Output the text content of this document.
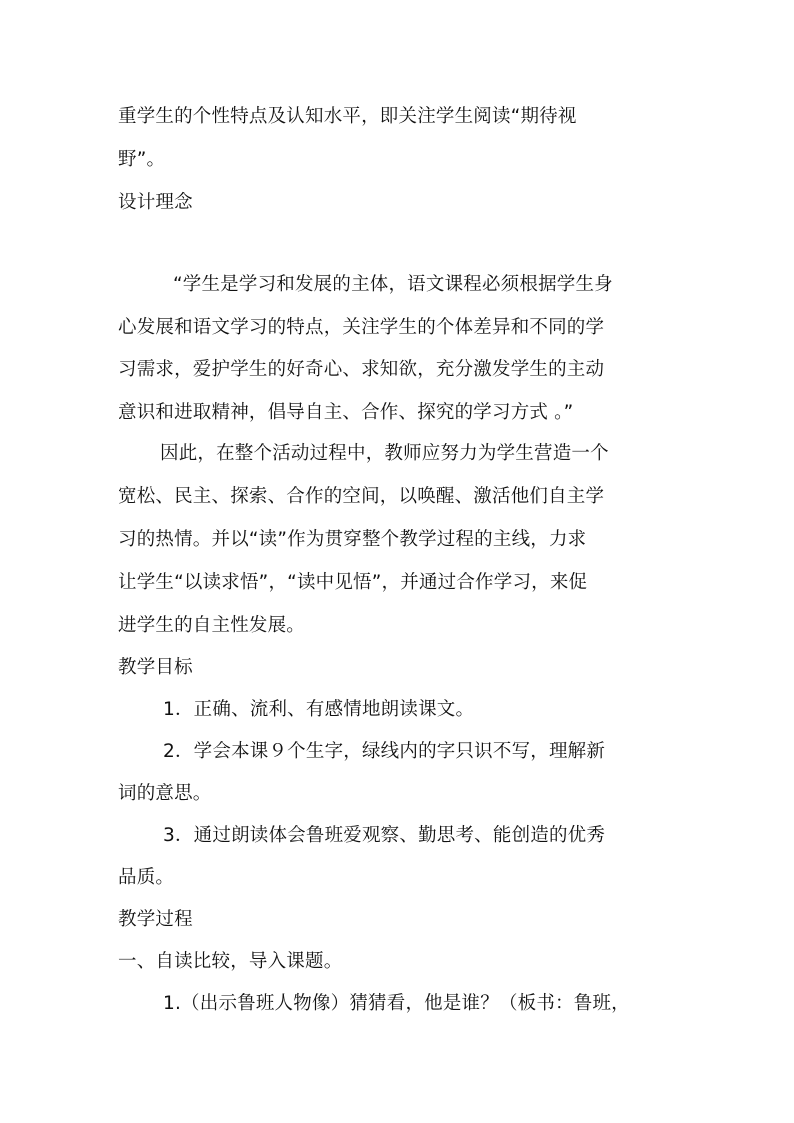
重学生的个性特点及认知水平，即关注学生阅读“期待视
野”。
设计理念
“学生是学习和发展的主体，语文课程必须根据学生身
心发展和语文学习的特点，关注学生的个体差异和不同的学
习需求，爱护学生的好奇心、求知欲，充分激发学生的主动
意识和进取精神，倡导自主、合作、探究的学习方式 。”
因此，在整个活动过程中，教师应努力为学生营造一个
宽松、民主、探索、合作的空间，以唤醒、激活他们自主学
习的热情。并以“读”作为贯穿整个教学过程的主线，力求
让学生“以读求悟”，“读中见悟”，并通过合作学习，来促
进学生的自主性发展。
教学目标
1．正确、流利、有感情地朗读课文。
2．学会本课９个生字，绿线内的字只识不写，理解新
词的意思。
3．通过朗读体会鲁班爱观察、勤思考、能创造的优秀
品质。
教学过程
一、自读比较，导入课题。
1.（出示鲁班人物像）猜猜看，他是谁？（板书：鲁班，
